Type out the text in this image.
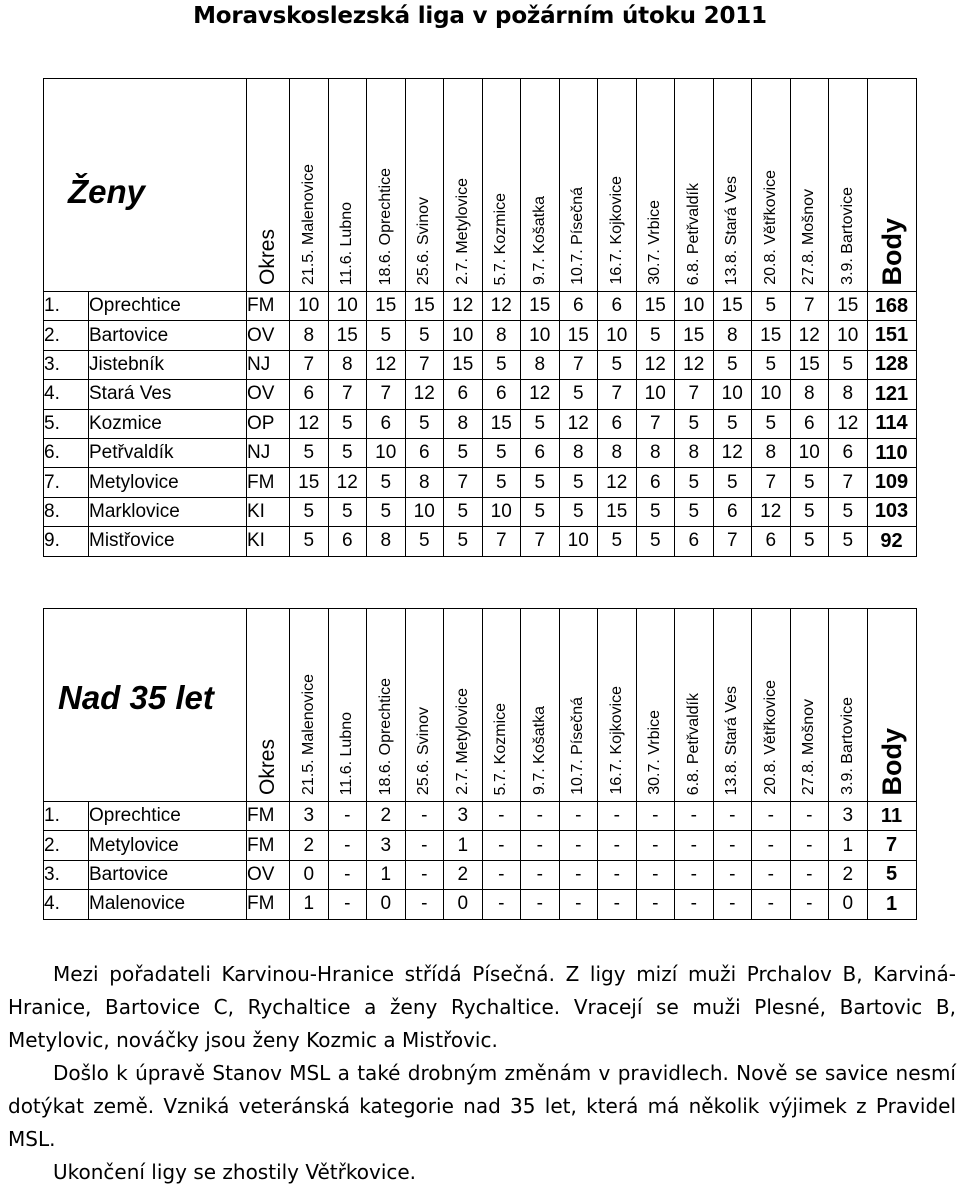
Moravskoslezská liga v požárním útoku 2011
Ženy		Okres	21.5. Malenovice	11.6. Lubno	18.6. Oprechtice	25.6. Svinov	2.7. Metylovice	5.7. Kozmice	9.7. Košatka	10.7. Písečná	16.7. Kojkovice	30.7. Vrbice	6.8. Petřvaldík	13.8. Stará Ves	20.8. Větřkovice	27.8. Mošnov	3.9. Bartovice	Body

1.	Oprechtice	FM	10	10	15	15	12	12	15	6	6	15	10	15	5	7	15	168
2.	Bartovice	OV	8	15	5	5	10	8	10	15	10	5	15	8	15	12	10	151
3.	Jistebník	NJ	7	8	12	7	15	5	8	7	5	12	12	5	5	15	5	128
4.	Stará Ves	OV	6	7	7	12	6	6	12	5	7	10	7	10	10	8	8	121
5.	Kozmice	OP	12	5	6	5	8	15	5	12	6	7	5	5	5	6	12	114
6.	Petřvaldík	NJ	5	5	10	6	5	5	6	8	8	8	8	12	8	10	6	110
7.	Metylovice	FM	15	12	5	8	7	5	5	5	12	6	5	5	7	5	7	109
8.	Marklovice	KI	5	5	5	10	5	10	5	5	15	5	5	6	12	5	5	103
9.	Mistřovice	KI	5	6	8	5	5	7	7	10	5	5	6	7	6	5	5	92
Nad 35 let		Okres	21.5. Malenovice	11.6. Lubno	18.6. Oprechtice	25.6. Svinov	2.7. Metylovice	5.7. Kozmice	9.7. Košatka	10.7. Písečná	16.7. Kojkovice	30.7. Vrbice	6.8. Petřvaldík	13.8. Stará Ves	20.8. Větřkovice	27.8. Mošnov	3.9. Bartovice	Body

1.	Oprechtice	FM	3	-	2	-	3	-	-	-	-	-	-	-	-	-	3	11
2.	Metylovice	FM	2	-	3	-	1	-	-	-	-	-	-	-	-	-	1	7
3.	Bartovice	OV	0	-	1	-	2	-	-	-	-	-	-	-	-	-	2	5
4.	Malenovice	FM	1	-	0	-	0	-	-	-	-	-	-	-	-	-	0	1

Mezi pořadateli Karvinou-Hranice střídá Písečná. Z ligy mizí muži Prchalov B, Karviná-Hranice, Bartovice C, Rychaltice a ženy Rychaltice. Vracejí se muži Plesné, Bartovic B, Metylovic, nováčky jsou ženy Kozmic a Mistřovic.

Došlo k úpravě Stanov MSL a také drobným změnám v pravidlech. Nově se savice nesmí dotýkat země. Vzniká veteránská kategorie nad 35 let, která má několik výjimek z Pravidel MSL.

Ukončení ligy se zhostily Větřkovice.
